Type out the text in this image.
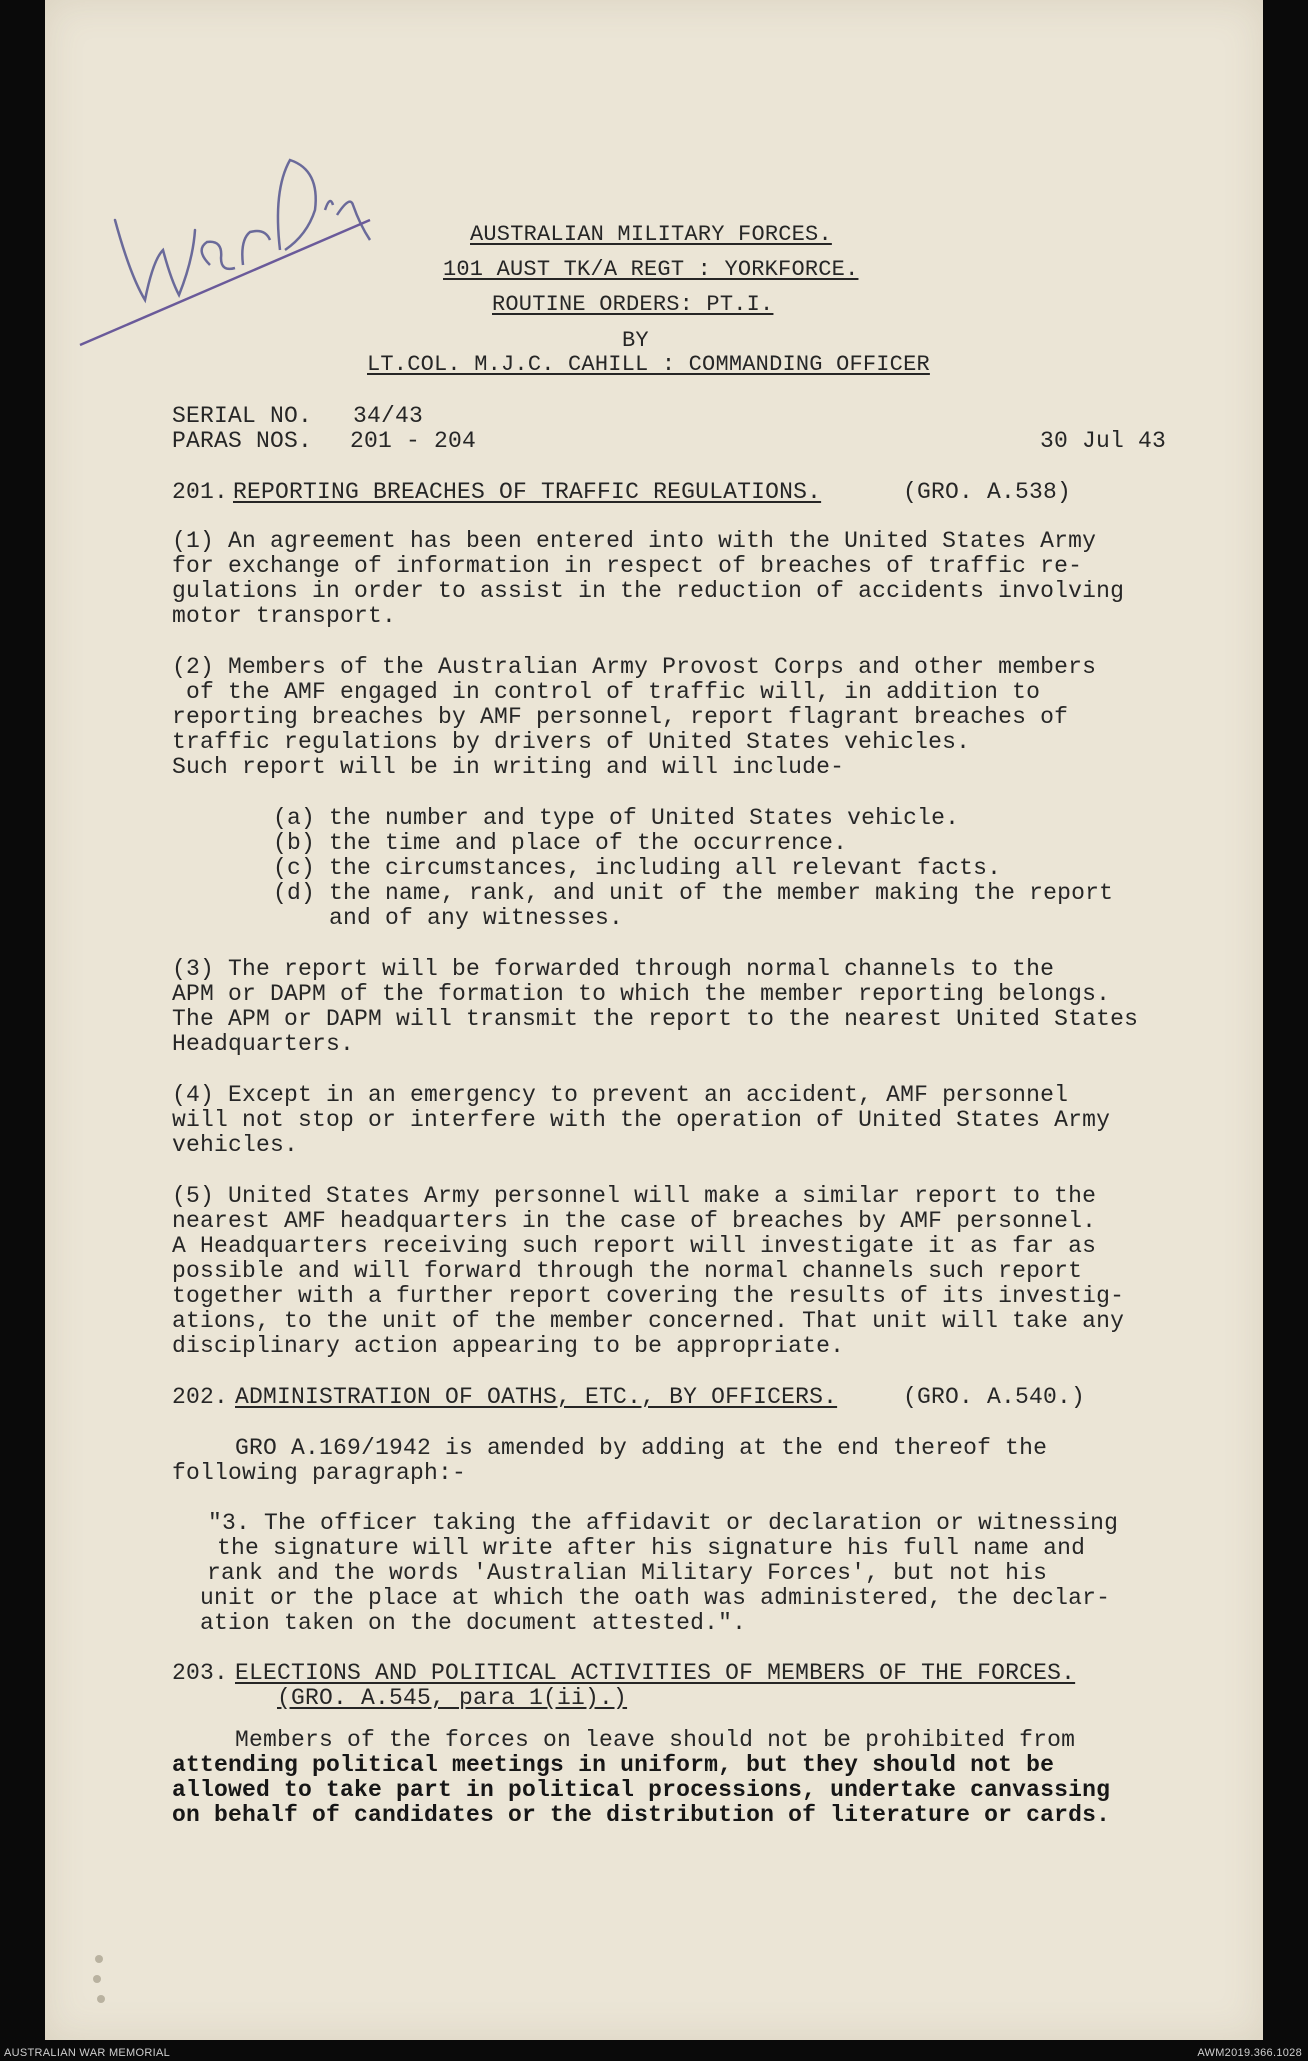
AUSTRALIAN MILITARY FORCES.
101 AUST TK/A REGT : YORKFORCE.
ROUTINE ORDERS: PT.I.
BY
LT.COL. M.J.C. CAHILL : COMMANDING OFFICER
SERIAL NO. 34/43
PARAS NOS. 201 - 204	30 Jul 43
201. REPORTING BREACHES OF TRAFFIC REGULATIONS.	(GRO. A.538)
(1) An agreement has been entered into with the United States Army
for exchange of information in respect of breaches of traffic re-
gulations in order to assist in the reduction of accidents involving
motor transport.
(2) Members of the Australian Army Provost Corps and other members
of the AMF engaged in control of traffic will, in addition to
reporting breaches by AMF personnel, report flagrant breaches of
traffic regulations by drivers of United States vehicles.
Such report will be in writing and will include-
(a) the number and type of United States vehicle.
(b) the time and place of the occurrence.
(c) the circumstances, including all relevant facts.
(d) the name, rank, and unit of the member making the report
and of any witnesses.
(3) The report will be forwarded through normal channels to the
APM or DAPM of the formation to which the member reporting belongs.
The APM or DAPM will transmit the report to the nearest United States
Headquarters.
(4) Except in an emergency to prevent an accident, AMF personnel
will not stop or interfere with the operation of United States Army
vehicles.
(5) United States Army personnel will make a similar report to the
nearest AMF headquarters in the case of breaches by AMF personnel.
A Headquarters receiving such report will investigate it as far as
possible and will forward through the normal channels such report
together with a further report covering the results of its investig-
ations, to the unit of the member concerned. That unit will take any
disciplinary action appearing to be appropriate.
202. ADMINISTRATION OF OATHS, ETC., BY OFFICERS.	(GRO. A.540.)
GRO A.169/1942 is amended by adding at the end thereof the
following paragraph:-
"3. The officer taking the affidavit or declaration or witnessing
the signature will write after his signature his full name and
rank and the words 'Australian Military Forces', but not his
unit or the place at which the oath was administered, the declar-
ation taken on the document attested.".
203. ELECTIONS AND POLITICAL ACTIVITIES OF MEMBERS OF THE FORCES.
(GRO. A.545, para 1(ii).)
Members of the forces on leave should not be prohibited from
attending political meetings in uniform, but they should not be
allowed to take part in political processions, undertake canvassing
on behalf of candidates or the distribution of literature or cards.
AUSTRALIAN WAR MEMORIAL	AWM2019.366.1028
